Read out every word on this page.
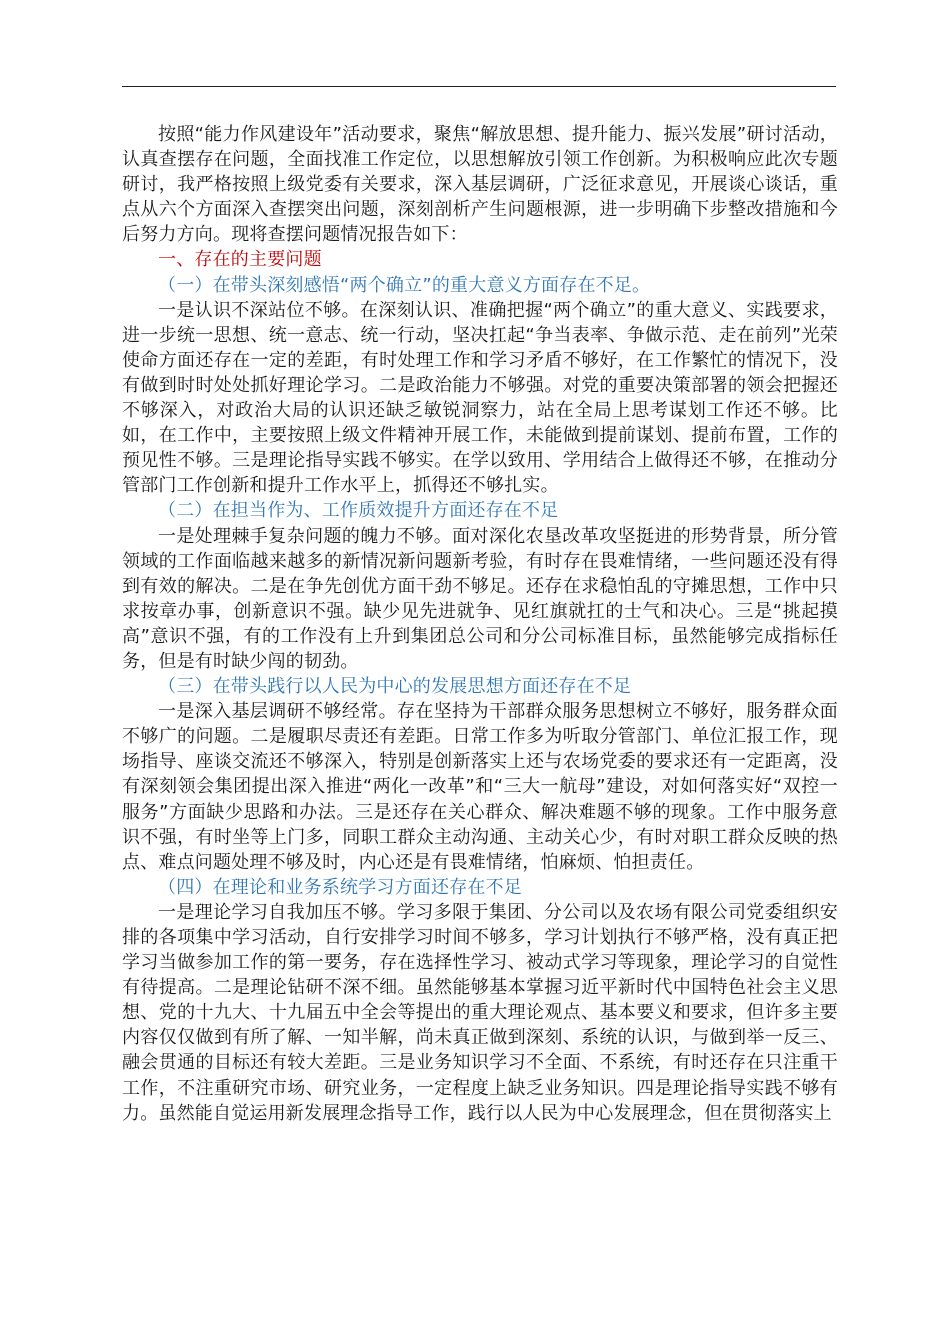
按照“能力作风建设年”活动要求，聚焦“解放思想、提升能力、振兴发展”研讨活动，认真查摆存在问题，全面找准工作定位，以思想解放引领工作创新。为积极响应此次专题研讨，我严格按照上级党委有关要求，深入基层调研，广泛征求意见，开展谈心谈话，重点从六个方面深入查摆突出问题，深刻剖析产生问题根源，进一步明确下步整改措施和今后努力方向。现将查摆问题情况报告如下：

一、存在的主要问题

（一）在带头深刻感悟“两个确立”的重大意义方面存在不足。

一是认识不深站位不够。在深刻认识、准确把握“两个确立”的重大意义、实践要求，进一步统一思想、统一意志、统一行动，坚决扛起“争当表率、争做示范、走在前列”光荣使命方面还存在一定的差距，有时处理工作和学习矛盾不够好，在工作繁忙的情况下，没有做到时时处处抓好理论学习。二是政治能力不够强。对党的重要决策部署的领会把握还不够深入，对政治大局的认识还缺乏敏锐洞察力，站在全局上思考谋划工作还不够。比如，在工作中，主要按照上级文件精神开展工作，未能做到提前谋划、提前布置，工作的预见性不够。三是理论指导实践不够实。在学以致用、学用结合上做得还不够，在推动分管部门工作创新和提升工作水平上，抓得还不够扎实。

（二）在担当作为、工作质效提升方面还存在不足

一是处理棘手复杂问题的魄力不够。面对深化农垦改革攻坚挺进的形势背景，所分管领域的工作面临越来越多的新情况新问题新考验，有时存在畏难情绪，一些问题还没有得到有效的解决。二是在争先创优方面干劲不够足。还存在求稳怕乱的守摊思想，工作中只求按章办事，创新意识不强。缺少见先进就争、见红旗就扛的士气和决心。三是“挑起摸高”意识不强，有的工作没有上升到集团总公司和分公司标准目标，虽然能够完成指标任务，但是有时缺少闯的韧劲。

（三）在带头践行以人民为中心的发展思想方面还存在不足

一是深入基层调研不够经常。存在坚持为干部群众服务思想树立不够好，服务群众面不够广的问题。二是履职尽责还有差距。日常工作多为听取分管部门、单位汇报工作，现场指导、座谈交流还不够深入，特别是创新落实上还与农场党委的要求还有一定距离，没有深刻领会集团提出深入推进“两化一改革”和“三大一航母”建设，对如何落实好“双控一服务”方面缺少思路和办法。三是还存在关心群众、解决难题不够的现象。工作中服务意识不强，有时坐等上门多，同职工群众主动沟通、主动关心少，有时对职工群众反映的热点、难点问题处理不够及时，内心还是有畏难情绪，怕麻烦、怕担责任。

（四）在理论和业务系统学习方面还存在不足

一是理论学习自我加压不够。学习多限于集团、分公司以及农场有限公司党委组织安排的各项集中学习活动，自行安排学习时间不够多，学习计划执行不够严格，没有真正把学习当做参加工作的第一要务，存在选择性学习、被动式学习等现象，理论学习的自觉性有待提高。二是理论钻研不深不细。虽然能够基本掌握习近平新时代中国特色社会主义思想、党的十九大、十九届五中全会等提出的重大理论观点、基本要义和要求，但许多主要内容仅仅做到有所了解、一知半解，尚未真正做到深刻、系统的认识，与做到举一反三、融会贯通的目标还有较大差距。三是业务知识学习不全面、不系统，有时还存在只注重干工作，不注重研究市场、研究业务，一定程度上缺乏业务知识。四是理论指导实践不够有力。虽然能自觉运用新发展理念指导工作，践行以人民为中心发展理念，但在贯彻落实上
